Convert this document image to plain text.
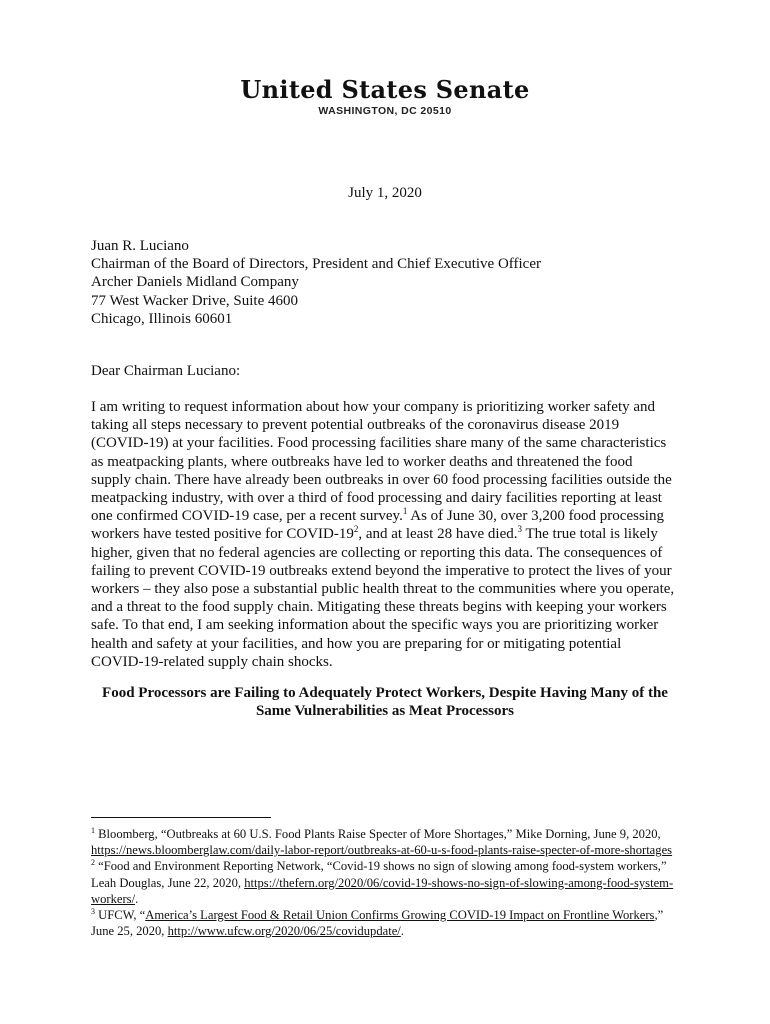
United States Senate
WASHINGTON, DC 20510
July 1, 2020
Juan R. Luciano
Chairman of the Board of Directors, President and Chief Executive Officer
Archer Daniels Midland Company
77 West Wacker Drive, Suite 4600
Chicago, Illinois 60601
Dear Chairman Luciano:
I am writing to request information about how your company is prioritizing worker safety and
taking all steps necessary to prevent potential outbreaks of the coronavirus disease 2019
(COVID-19) at your facilities. Food processing facilities share many of the same characteristics
as meatpacking plants, where outbreaks have led to worker deaths and threatened the food
supply chain. There have already been outbreaks in over 60 food processing facilities outside the
meatpacking industry, with over a third of food processing and dairy facilities reporting at least
one confirmed COVID-19 case, per a recent survey.$^1$ As of June 30, over 3,200 food processing
workers have tested positive for COVID-$19^2$, and at least 28 have died.$^3$ The true total is likely
higher, given that no federal agencies are collecting or reporting this data. The consequences of
failing to prevent COVID-19 outbreaks extend beyond the imperative to protect the lives of your
workers – they also pose a substantial public health threat to the communities where you operate,
and a threat to the food supply chain. Mitigating these threats begins with keeping your workers
safe. To that end, I am seeking information about the specific ways you are prioritizing worker
health and safety at your facilities, and how you are preparing for or mitigating potential
COVID-19-related supply chain shocks.
Food Processors are Failing to Adequately Protect Workers, Despite Having Many of the
Same Vulnerabilities as Meat Processors
$^1$ Bloomberg, “Outbreaks at 60 U.S. Food Plants Raise Specter of More Shortages,” Mike Dorning, June 9, 2020,
https://news.bloomberglaw.com/daily-labor-report/outbreaks-at-60-u-s-food-plants-raise-specter-of-more-shortages
$^2$ “Food and Environment Reporting Network, “Covid-19 shows no sign of slowing among food-system workers,”
Leah Douglas, June 22, 2020, https://thefern.org/2020/06/covid-19-shows-no-sign-of-slowing-among-food-system-
workers/.
$^3$ UFCW, “America’s Largest Food & Retail Union Confirms Growing COVID-19 Impact on Frontline Workers,”
June 25, 2020, http://www.ufcw.org/2020/06/25/covidupdate/.
